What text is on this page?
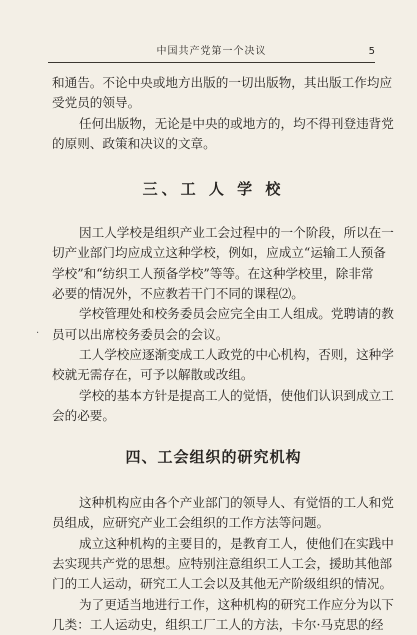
中国共产党第一个决议	5
·

和通告。不论中央或地方出版的一切出版物，其出版工作均应
受党员的领导。

任何出版物，无论是中央的或地方的，均不得刊登违背党
的原则、政策和决议的文章。

三、工 人 学 校

因工人学校是组织产业工会过程中的一个阶段，所以在一
切产业部门均应成立这种学校，例如，应成立“运输工人预备
学校”和“纺织工人预备学校”等等。在这种学校里，除非常
必要的情况外，不应教若干门不同的课程⑵。

学校管理处和校务委员会应完全由工人组成。党聘请的教
员可以出席校务委员会的会议。

工人学校应逐渐变成工人政党的中心机构，否则，这种学
校就无需存在，可予以解散或改组。

学校的基本方针是提高工人的觉悟，使他们认识到成立工
会的必要。

四、工会组织的研究机构

这种机构应由各个产业部门的领导人、有觉悟的工人和党
员组成，应研究产业工会组织的工作方法等问题。

成立这种机构的主要目的，是教育工人，使他们在实践中
去实现共产党的思想。应特别注意组织工人工会，援助其他部
门的工人运动，研究工人工会以及其他无产阶级组织的情况。

为了更适当地进行工作，这种机构的研究工作应分为以下
几类：工人运动史，组织工厂工人的方法，卡尔·马克思的经
